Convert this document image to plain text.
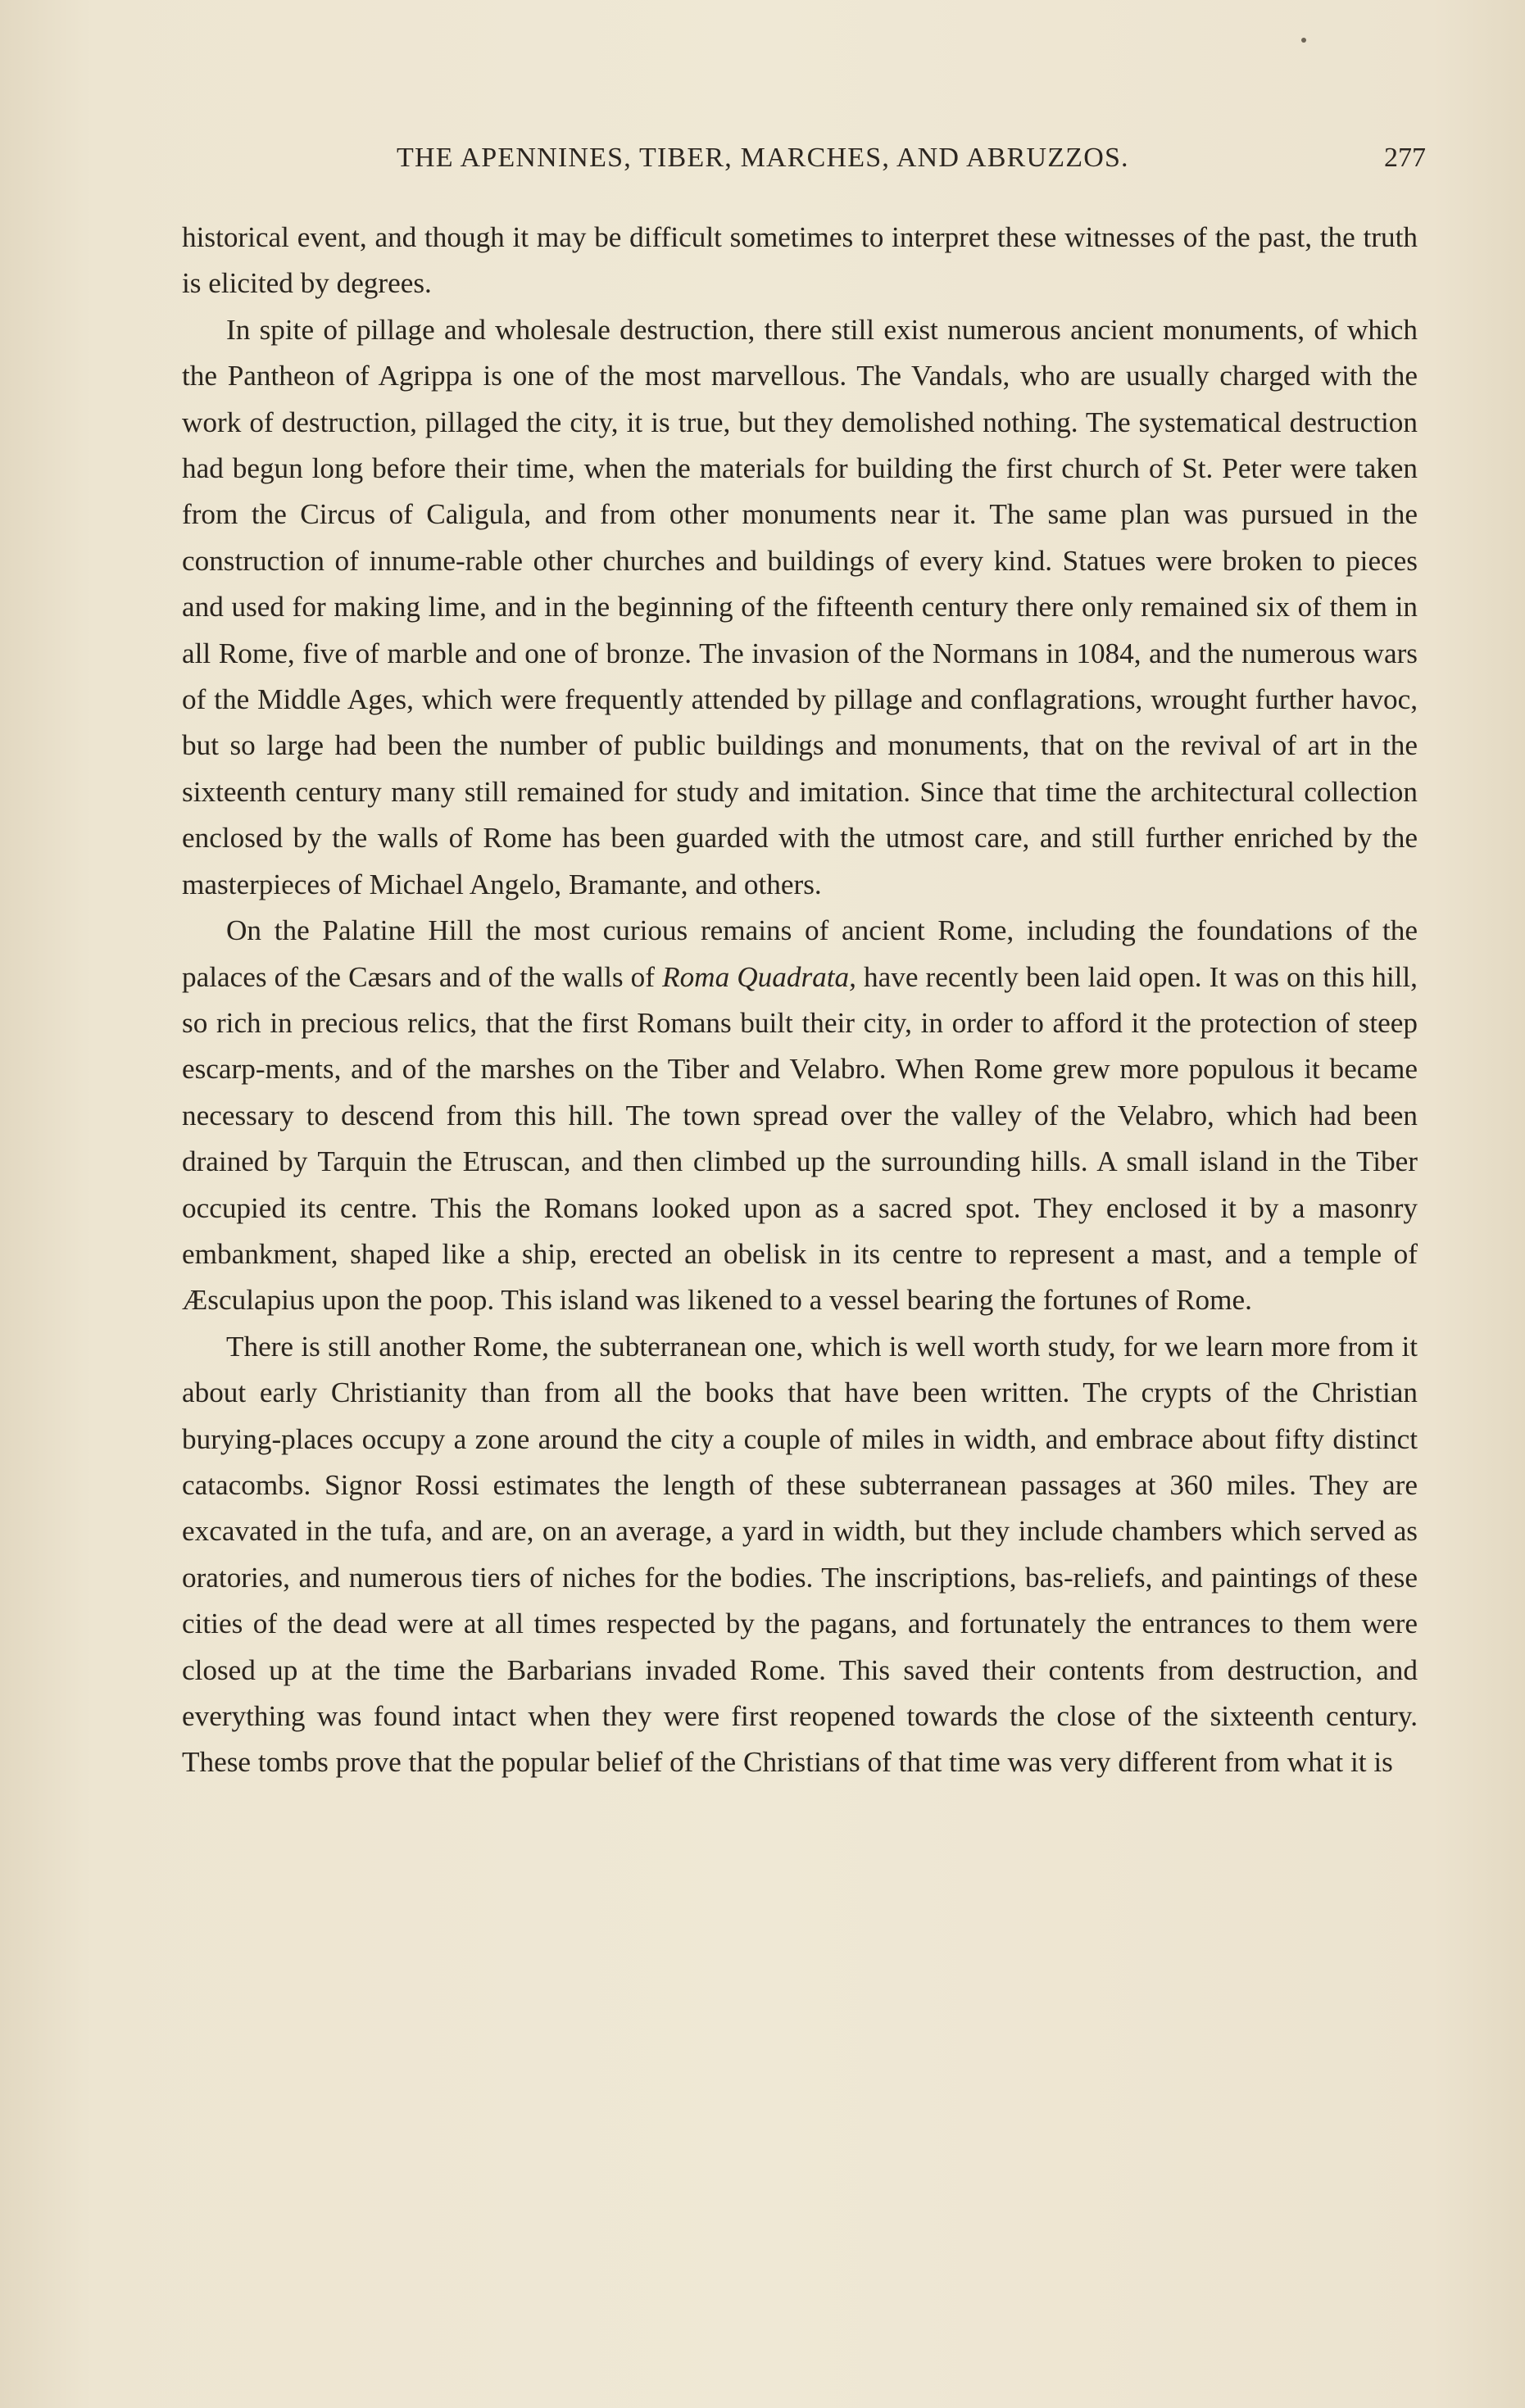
THE APENNINES, TIBER, MARCHES, AND ABRUZZOS.	277

historical event, and though it may be difficult sometimes to interpret these witnesses of the past, the truth is elicited by degrees.

In spite of pillage and wholesale destruction, there still exist numerous ancient monuments, of which the Pantheon of Agrippa is one of the most marvellous. The Vandals, who are usually charged with the work of destruction, pillaged the city, it is true, but they demolished nothing. The systematical destruction had begun long before their time, when the materials for building the first church of St. Peter were taken from the Circus of Caligula, and from other monuments near it. The same plan was pursued in the construction of innume-rable other churches and buildings of every kind. Statues were broken to pieces and used for making lime, and in the beginning of the fifteenth century there only remained six of them in all Rome, five of marble and one of bronze. The invasion of the Normans in 1084, and the numerous wars of the Middle Ages, which were frequently attended by pillage and conflagrations, wrought further havoc, but so large had been the number of public buildings and monuments, that on the revival of art in the sixteenth century many still remained for study and imitation. Since that time the architectural collection enclosed by the walls of Rome has been guarded with the utmost care, and still further enriched by the masterpieces of Michael Angelo, Bramante, and others.

On the Palatine Hill the most curious remains of ancient Rome, including the foundations of the palaces of the Cæsars and of the walls of Roma Quadrata, have recently been laid open. It was on this hill, so rich in precious relics, that the first Romans built their city, in order to afford it the protection of steep escarp-ments, and of the marshes on the Tiber and Velabro. When Rome grew more populous it became necessary to descend from this hill. The town spread over the valley of the Velabro, which had been drained by Tarquin the Etruscan, and then climbed up the surrounding hills. A small island in the Tiber occupied its centre. This the Romans looked upon as a sacred spot. They enclosed it by a masonry embankment, shaped like a ship, erected an obelisk in its centre to represent a mast, and a temple of Æsculapius upon the poop. This island was likened to a vessel bearing the fortunes of Rome.

There is still another Rome, the subterranean one, which is well worth study, for we learn more from it about early Christianity than from all the books that have been written. The crypts of the Christian burying-places occupy a zone around the city a couple of miles in width, and embrace about fifty distinct catacombs. Signor Rossi estimates the length of these subterranean passages at 360 miles. They are excavated in the tufa, and are, on an average, a yard in width, but they include chambers which served as oratories, and numerous tiers of niches for the bodies. The inscriptions, bas-reliefs, and paintings of these cities of the dead were at all times respected by the pagans, and fortunately the entrances to them were closed up at the time the Barbarians invaded Rome. This saved their contents from destruction, and everything was found intact when they were first reopened towards the close of the sixteenth century. These tombs prove that the popular belief of the Christians of that time was very different from what it is
